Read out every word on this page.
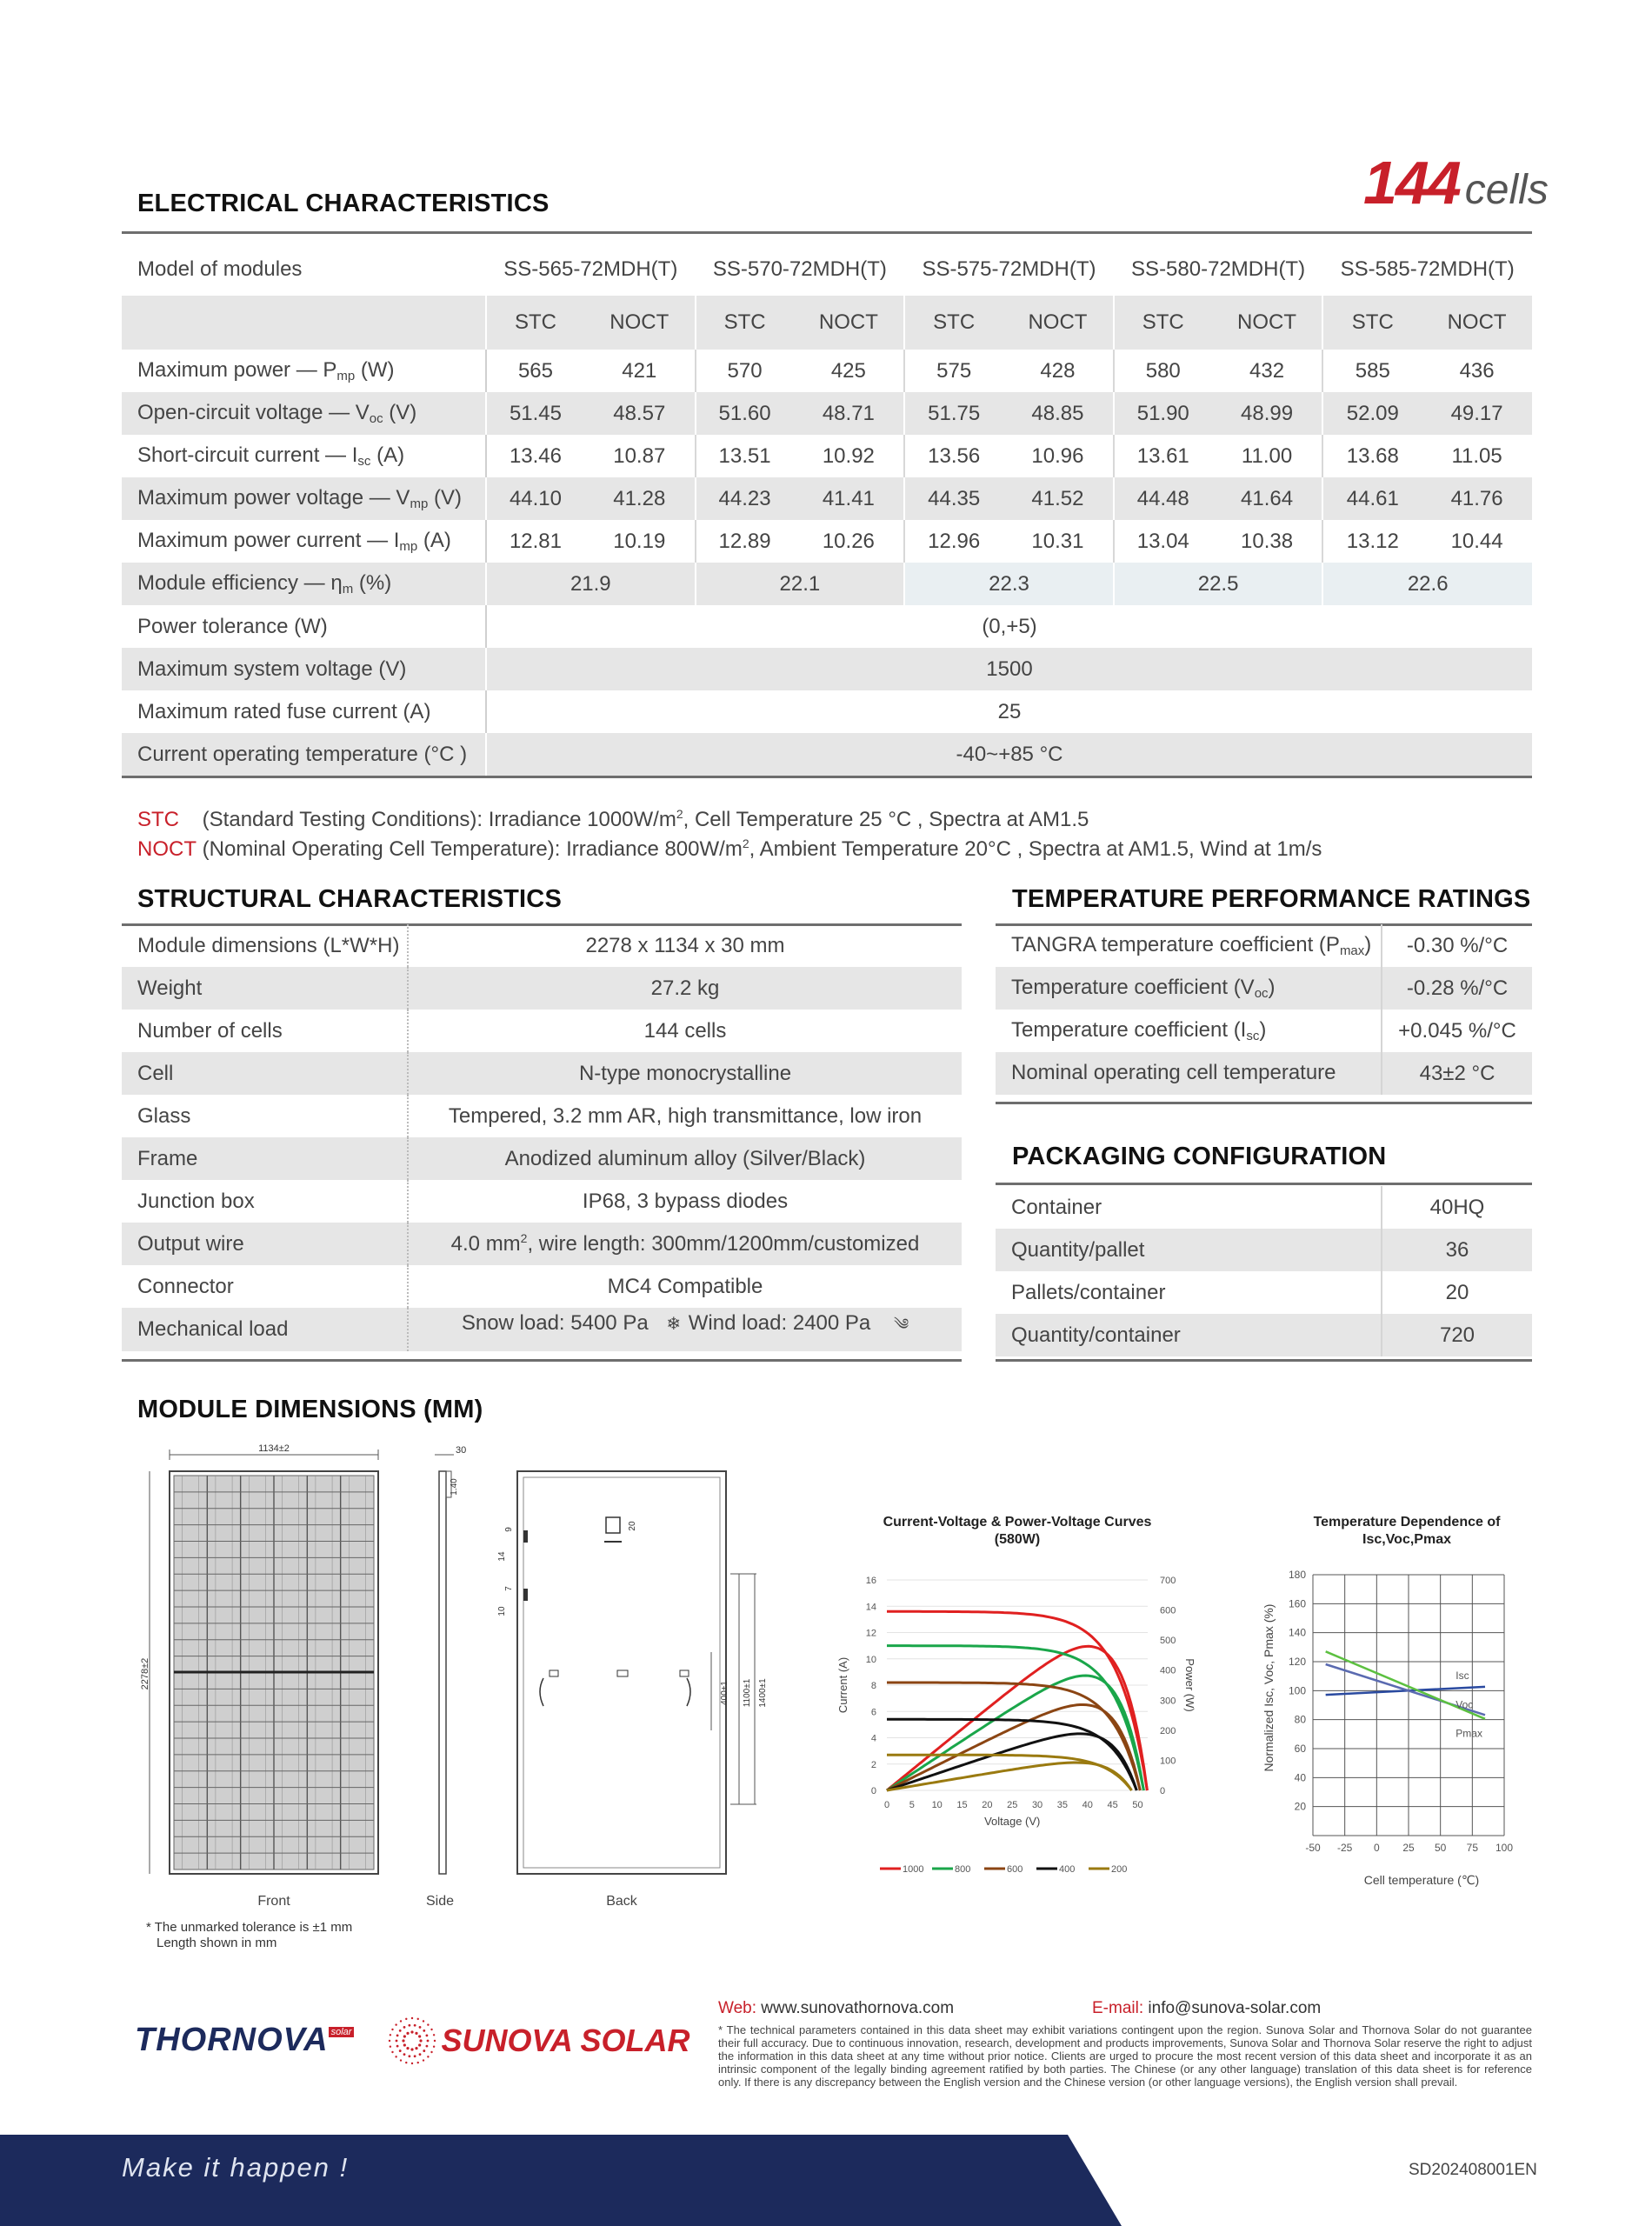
144 cells
ELECTRICAL CHARACTERISTICS
Model of modules	SS-565-72MDH(T)		SS-570-72MDH(T)		SS-575-72MDH(T)		SS-580-72MDH(T)		SS-585-72MDH(T)	
	STC	NOCT	STC	NOCT	STC	NOCT	STC	NOCT	STC	NOCT
Maximum power — $P_{mp}$ (W)	565	421	570	425	575	428	580	432	585	436
Open-circuit voltage — $V_{oc}$ (V)	51.45	48.57	51.60	48.71	51.75	48.85	51.90	48.99	52.09	49.17
Short-circuit current — $I_{sc}$ (A)	13.46	10.87	13.51	10.92	13.56	10.96	13.61	11.00	13.68	11.05
Maximum power voltage — $V_{mp}$ (V)	44.10	41.28	44.23	41.41	44.35	41.52	44.48	41.64	44.61	41.76
Maximum power current — $I_{mp}$ (A)	12.81	10.19	12.89	10.26	12.96	10.31	13.04	10.38	13.12	10.44
Module efficiency — $\eta_m$ (%)	21.9		22.1		22.3		22.5		22.6	
Power tolerance (W)	(0,+5)									
Maximum system voltage (V)	1500									
Maximum rated fuse current (A)	25									
Current operating temperature (°C )	-40~+85 °C									
STC (Standard Testing Conditions): Irradiance $1000W/m^2$, Cell Temperature 25 °C , Spectra at AM1.5
NOCT (Nominal Operating Cell Temperature): Irradiance $800W/m^2$, Ambient Temperature 20°C , Spectra at AM1.5, Wind at 1m/s
STRUCTURAL CHARACTERISTICS
Module dimensions (L*W*H)	2278 x 1134 x 30 mm
Weight	27.2 kg
Number of cells	144 cells
Cell	N-type monocrystalline
Glass	Tempered, 3.2 mm AR, high transmittance, low iron
Frame	Anodized aluminum alloy (Silver/Black)
Junction box	IP68, 3 bypass diodes
Output wire	4.0 $mm^2$, wire length: 300mm/1200mm/customized
Connector	MC4 Compatible
Mechanical load	Snow load: 5400 Pa ❄ Wind load: 2400 Pa ༄
TEMPERATURE PERFORMANCE RATINGS
TANGRA temperature coefficient $(P_{max})$	-0.30 %/°C
Temperature coefficient $(V_{oc})$	-0.28 %/°C
Temperature coefficient $(I_{sc})$	+0.045 %/°C
Nominal operating cell temperature	43±2 °C
PACKAGING CONFIGURATION
Container	40HQ
Quantity/pallet	36
Pallets/container	20
Quantity/container	720
MODULE DIMENSIONS (MM)
1134±2
2278±2
30
1.40
20
9
14
7
10
400±1 1100±1 1400±1
Front	Side	Back
* The unmarked tolerance is ±1 mm
Length shown in mm
Current-Voltage & Power-Voltage Curves
(580W)
0
2
4
6
8
10
12
14
16
0
100
200
300
400
500
600
700
0 5 10 15 20 25 30 35 40 45 50
Voltage (V)
Current (A)	Power (W)
1000	800	600	400	200
Temperature Dependence of
Isc,Voc,Pmax
20
40
60
80
100
120
140
160
180
-50 -25 0 25 50 75 100
Cell temperature (℃)
Normalized Isc, Voc, Pmax (%)	Isc
Voc
Pmax
THORNOVA $^{solar}$	SUNOVA SOLAR
Web: www.sunovathornova.com	E-mail: info@sunova-solar.com
* The technical parameters contained in this data sheet may exhibit variations contingent upon the region. Sunova Solar and Thornova Solar do not guarantee their full accuracy. Due to continuous innovation, research, development and products improvements, Sunova Solar and Thornova Solar reserve the right to adjust the information in this data sheet at any time without prior notice. Clients are urged to procure the most recent version of this data sheet and incorporate it as an intrinsic component of the legally binding agreement ratified by both parties. The Chinese (or any other language) translation of this data sheet is for reference only. If there is any discrepancy between the English version and the Chinese version (or other language versions), the English version shall prevail.
Make it happen !	SD202408001EN
